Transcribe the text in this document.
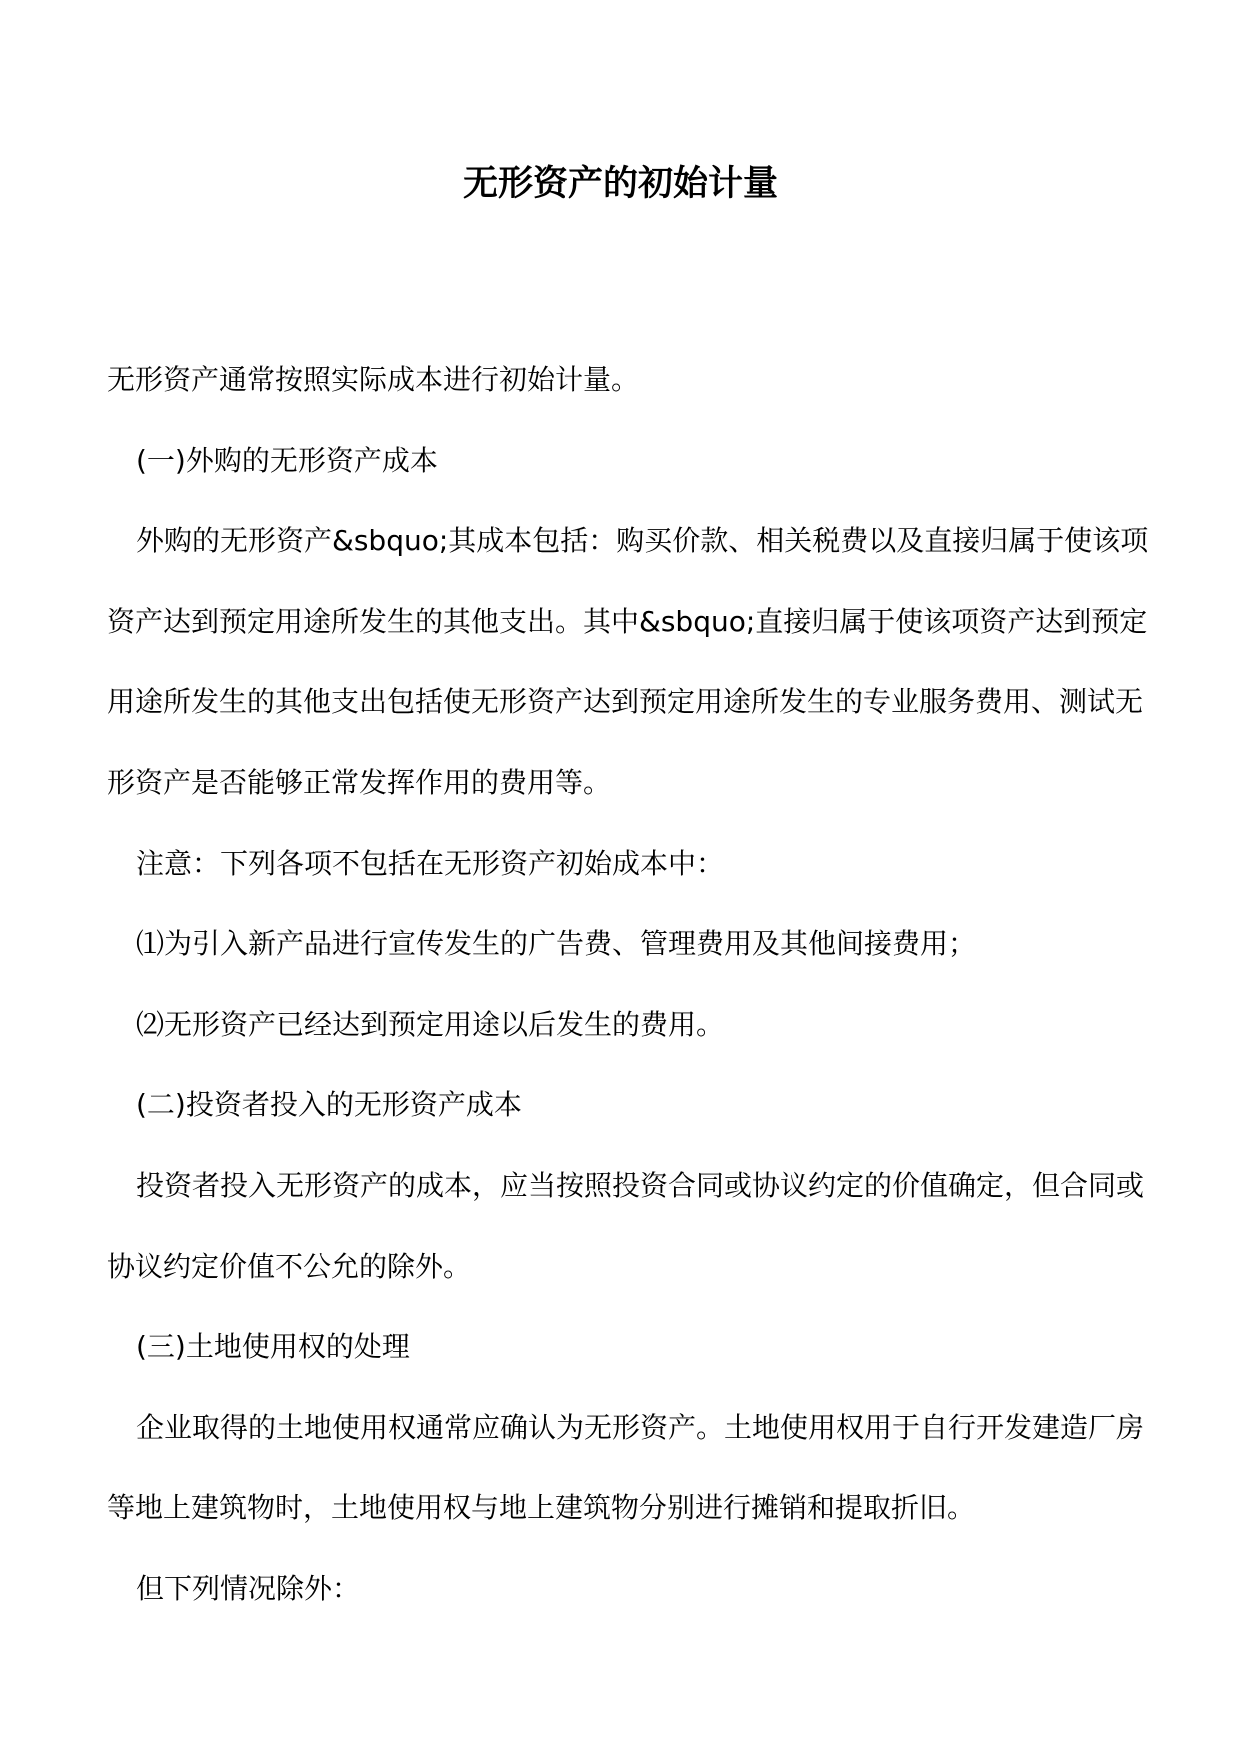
无形资产的初始计量

无形资产通常按照实际成本进行初始计量。

(一)外购的无形资产成本

外购的无形资产&sbquo;其成本包括：购买价款、相关税费以及直接归属于使该项资产达到预定用途所发生的其他支出。其中&sbquo;直接归属于使该项资产达到预定用途所发生的其他支出包括使无形资产达到预定用途所发生的专业服务费用、测试无形资产是否能够正常发挥作用的费用等。

注意：下列各项不包括在无形资产初始成本中：

⑴为引入新产品进行宣传发生的广告费、管理费用及其他间接费用；

⑵无形资产已经达到预定用途以后发生的费用。

(二)投资者投入的无形资产成本

投资者投入无形资产的成本，应当按照投资合同或协议约定的价值确定，但合同或协议约定价值不公允的除外。

(三)土地使用权的处理

企业取得的土地使用权通常应确认为无形资产。土地使用权用于自行开发建造厂房等地上建筑物时，土地使用权与地上建筑物分别进行摊销和提取折旧。

但下列情况除外：
